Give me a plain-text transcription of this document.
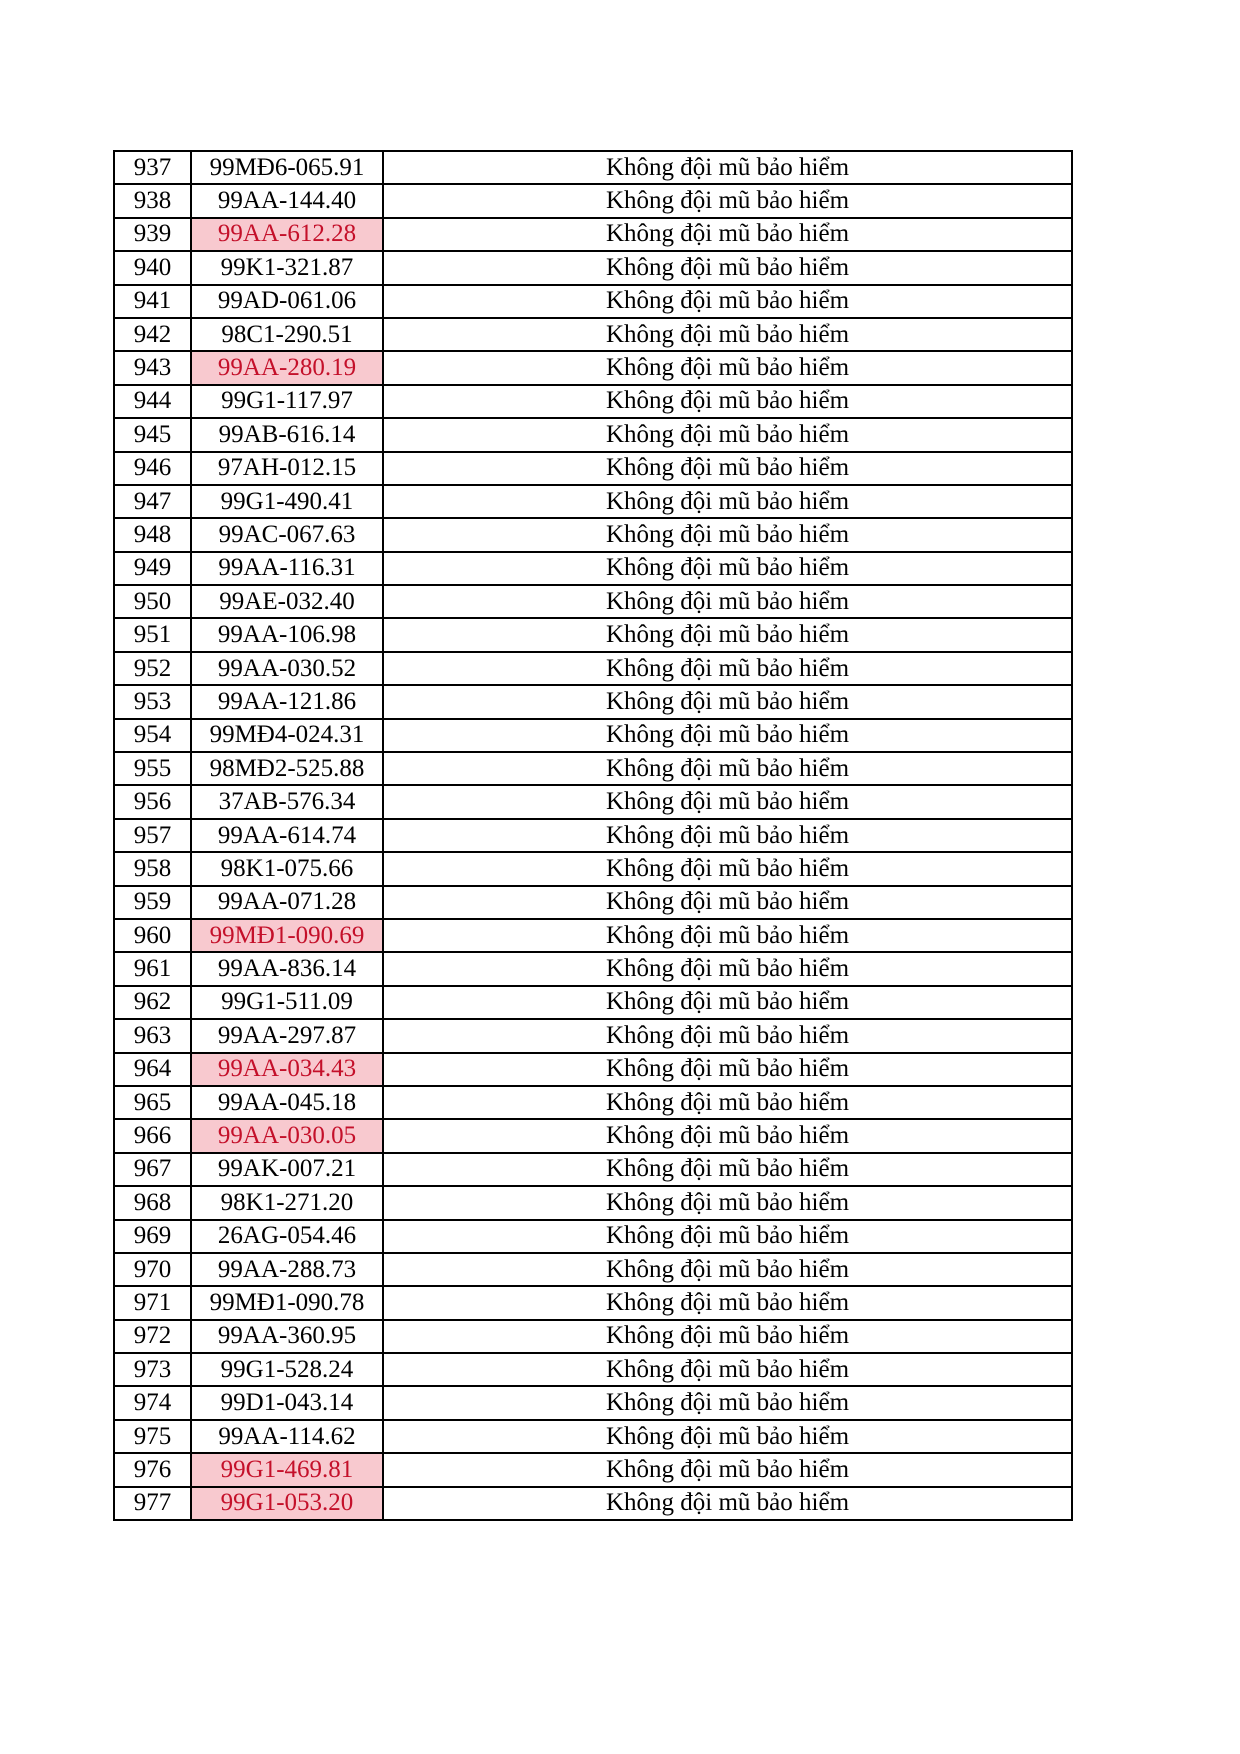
937	99MĐ6-065.91	Không đội mũ bảo hiểm
938	99AA-144.40	Không đội mũ bảo hiểm
939	99AA-612.28	Không đội mũ bảo hiểm
940	99K1-321.87	Không đội mũ bảo hiểm
941	99AD-061.06	Không đội mũ bảo hiểm
942	98C1-290.51	Không đội mũ bảo hiểm
943	99AA-280.19	Không đội mũ bảo hiểm
944	99G1-117.97	Không đội mũ bảo hiểm
945	99AB-616.14	Không đội mũ bảo hiểm
946	97AH-012.15	Không đội mũ bảo hiểm
947	99G1-490.41	Không đội mũ bảo hiểm
948	99AC-067.63	Không đội mũ bảo hiểm
949	99AA-116.31	Không đội mũ bảo hiểm
950	99AE-032.40	Không đội mũ bảo hiểm
951	99AA-106.98	Không đội mũ bảo hiểm
952	99AA-030.52	Không đội mũ bảo hiểm
953	99AA-121.86	Không đội mũ bảo hiểm
954	99MĐ4-024.31	Không đội mũ bảo hiểm
955	98MĐ2-525.88	Không đội mũ bảo hiểm
956	37AB-576.34	Không đội mũ bảo hiểm
957	99AA-614.74	Không đội mũ bảo hiểm
958	98K1-075.66	Không đội mũ bảo hiểm
959	99AA-071.28	Không đội mũ bảo hiểm
960	99MĐ1-090.69	Không đội mũ bảo hiểm
961	99AA-836.14	Không đội mũ bảo hiểm
962	99G1-511.09	Không đội mũ bảo hiểm
963	99AA-297.87	Không đội mũ bảo hiểm
964	99AA-034.43	Không đội mũ bảo hiểm
965	99AA-045.18	Không đội mũ bảo hiểm
966	99AA-030.05	Không đội mũ bảo hiểm
967	99AK-007.21	Không đội mũ bảo hiểm
968	98K1-271.20	Không đội mũ bảo hiểm
969	26AG-054.46	Không đội mũ bảo hiểm
970	99AA-288.73	Không đội mũ bảo hiểm
971	99MĐ1-090.78	Không đội mũ bảo hiểm
972	99AA-360.95	Không đội mũ bảo hiểm
973	99G1-528.24	Không đội mũ bảo hiểm
974	99D1-043.14	Không đội mũ bảo hiểm
975	99AA-114.62	Không đội mũ bảo hiểm
976	99G1-469.81	Không đội mũ bảo hiểm
977	99G1-053.20	Không đội mũ bảo hiểm
